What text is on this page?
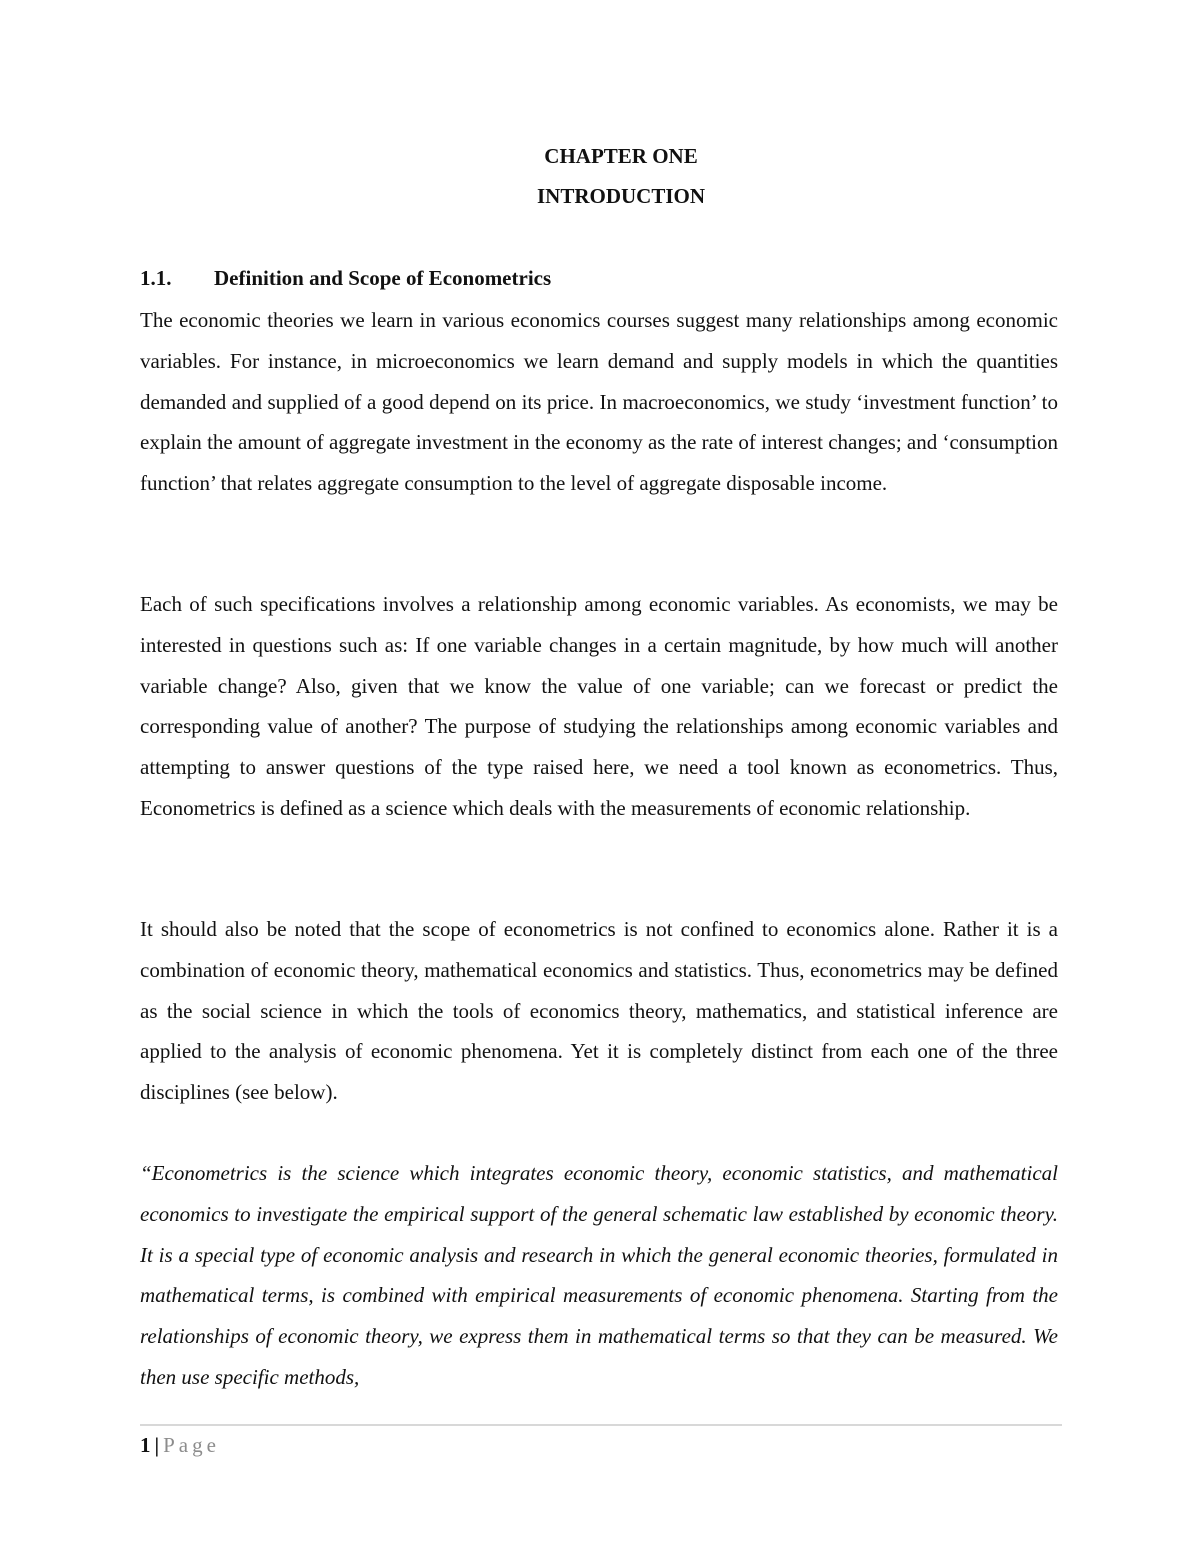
CHAPTER ONE
INTRODUCTION
1.1. Definition and Scope of Econometrics

The economic theories we learn in various economics courses suggest many relationships among economic variables. For instance, in microeconomics we learn demand and supply models in which the quantities demanded and supplied of a good depend on its price. In macroeconomics, we study ‘investment function’ to explain the amount of aggregate investment in the economy as the rate of interest changes; and ‘consumption function’ that relates aggregate consumption to the level of aggregate disposable income.

Each of such specifications involves a relationship among economic variables. As economists, we may be interested in questions such as: If one variable changes in a certain magnitude, by how much will another variable change? Also, given that we know the value of one variable; can we forecast or predict the corresponding value of another? The purpose of studying the relationships among economic variables and attempting to answer questions of the type raised here, we need a tool known as econometrics. Thus, Econometrics is defined as a science which deals with the measurements of economic relationship.

It should also be noted that the scope of econometrics is not confined to economics alone. Rather it is a combination of economic theory, mathematical economics and statistics. Thus, econometrics may be defined as the social science in which the tools of economics theory, mathematics, and statistical inference are applied to the analysis of economic phenomena. Yet it is completely distinct from each one of the three disciplines (see below).

“Econometrics is the science which integrates economic theory, economic statistics, and mathematical economics to investigate the empirical support of the general schematic law established by economic theory. It is a special type of economic analysis and research in which the general economic theories, formulated in mathematical terms, is combined with empirical measurements of economic phenomena. Starting from the relationships of economic theory, we express them in mathematical terms so that they can be measured. We then use specific methods,

1 | Page
